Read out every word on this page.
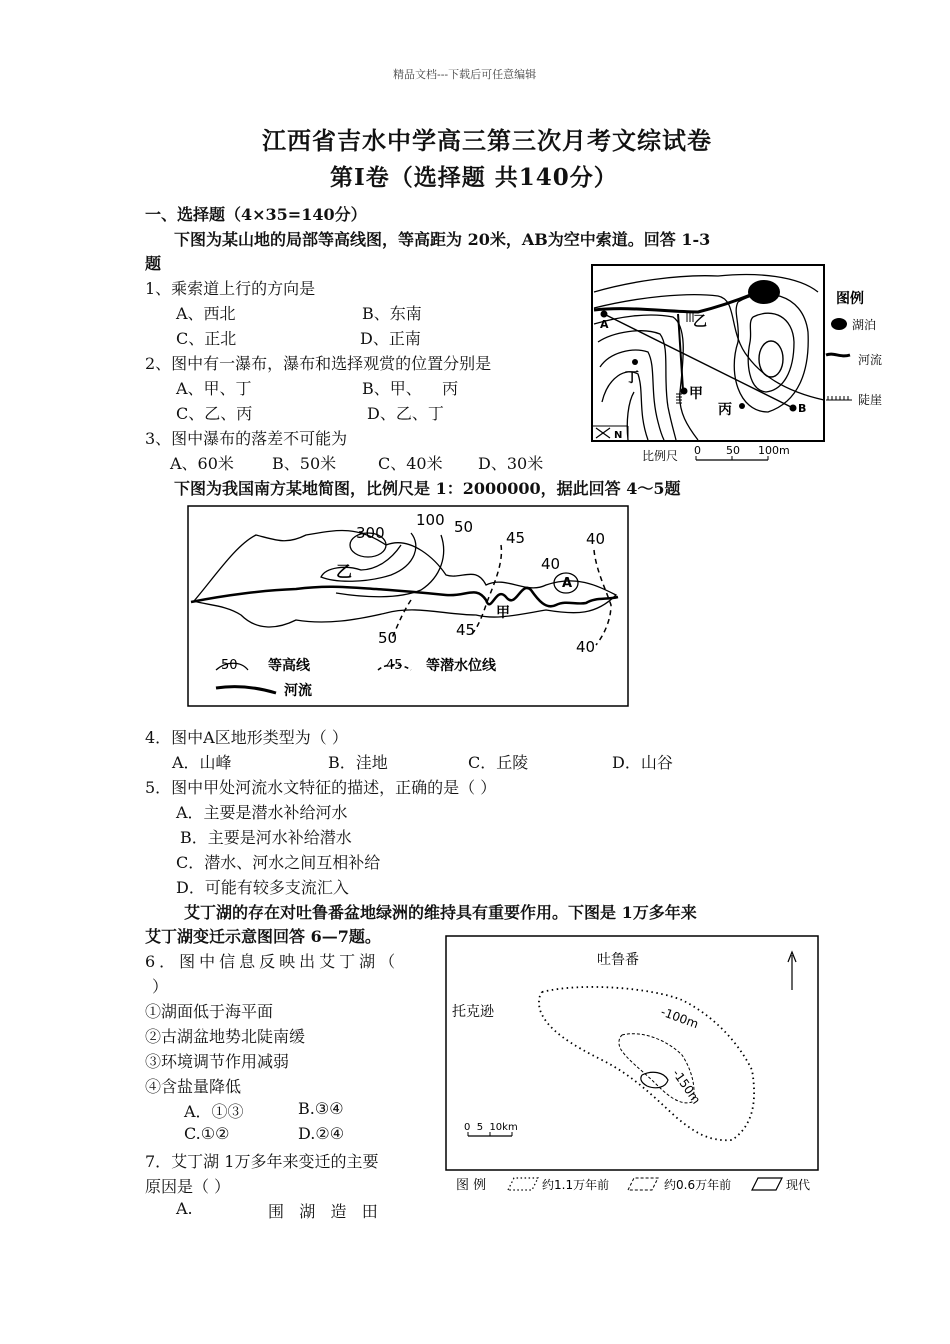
精品文档---下载后可任意编辑
江西省吉水中学高三第三次月考文综试卷
第I卷（选择题 共140分）
一、选择题（4×35=140分）
下图为某山地的局部等高线图，等高距为 20米，AB为空中索道。回答 1-3
题
1、乘索道上行的方向是
A、西北	B、东南
C、正北	D、正南
2、图中有一瀑布，瀑布和选择观赏的位置分别是
A、甲、丁	B、甲、    丙
C、乙、丙	D、乙、丁
3、图中瀑布的落差不可能为
A、60米 B、50米	C、40米 D、30米
A
B
甲
乙
丙
丁
N
图例
湖泊
河流
陡崖
比例尺 0 50 100m
下图为我国南方某地简图，比例尺是 1：2000000，据此回答 4～5题
300
100 50
45
40
40
50	45
40
乙
A
甲
50 等高线	45 等潜水位线
河流
4．图中A区地形类型为（ ）
A．山峰	B．洼地	C．丘陵	D．山谷
5．图中甲处河流水文特征的描述，正确的是（ ）
A．主要是潜水补给河水
B．主要是河水补给潜水
C．潜水、河水之间互相补给
D．可能有较多支流汇入
艾丁湖的存在对吐鲁番盆地绿洲的维持具有重要作用。下图是 1万多年来
艾丁湖变迁示意图回答 6—7题。
6．图中信息反映出艾丁湖（
）
①湖面低于海平面
②古湖盆地势北陡南缓
③环境调节作用减弱
④含盐量降低
A．①③	B.③④
C.①②	D.②④
7．艾丁湖 1万多年来变迁的主要
原因是（ ）
A.	围   湖   造   田
吐鲁番
托克逊	-100m
-150m
0  5  10km
图 例	约1.1万年前	约0.6万年前	现代
